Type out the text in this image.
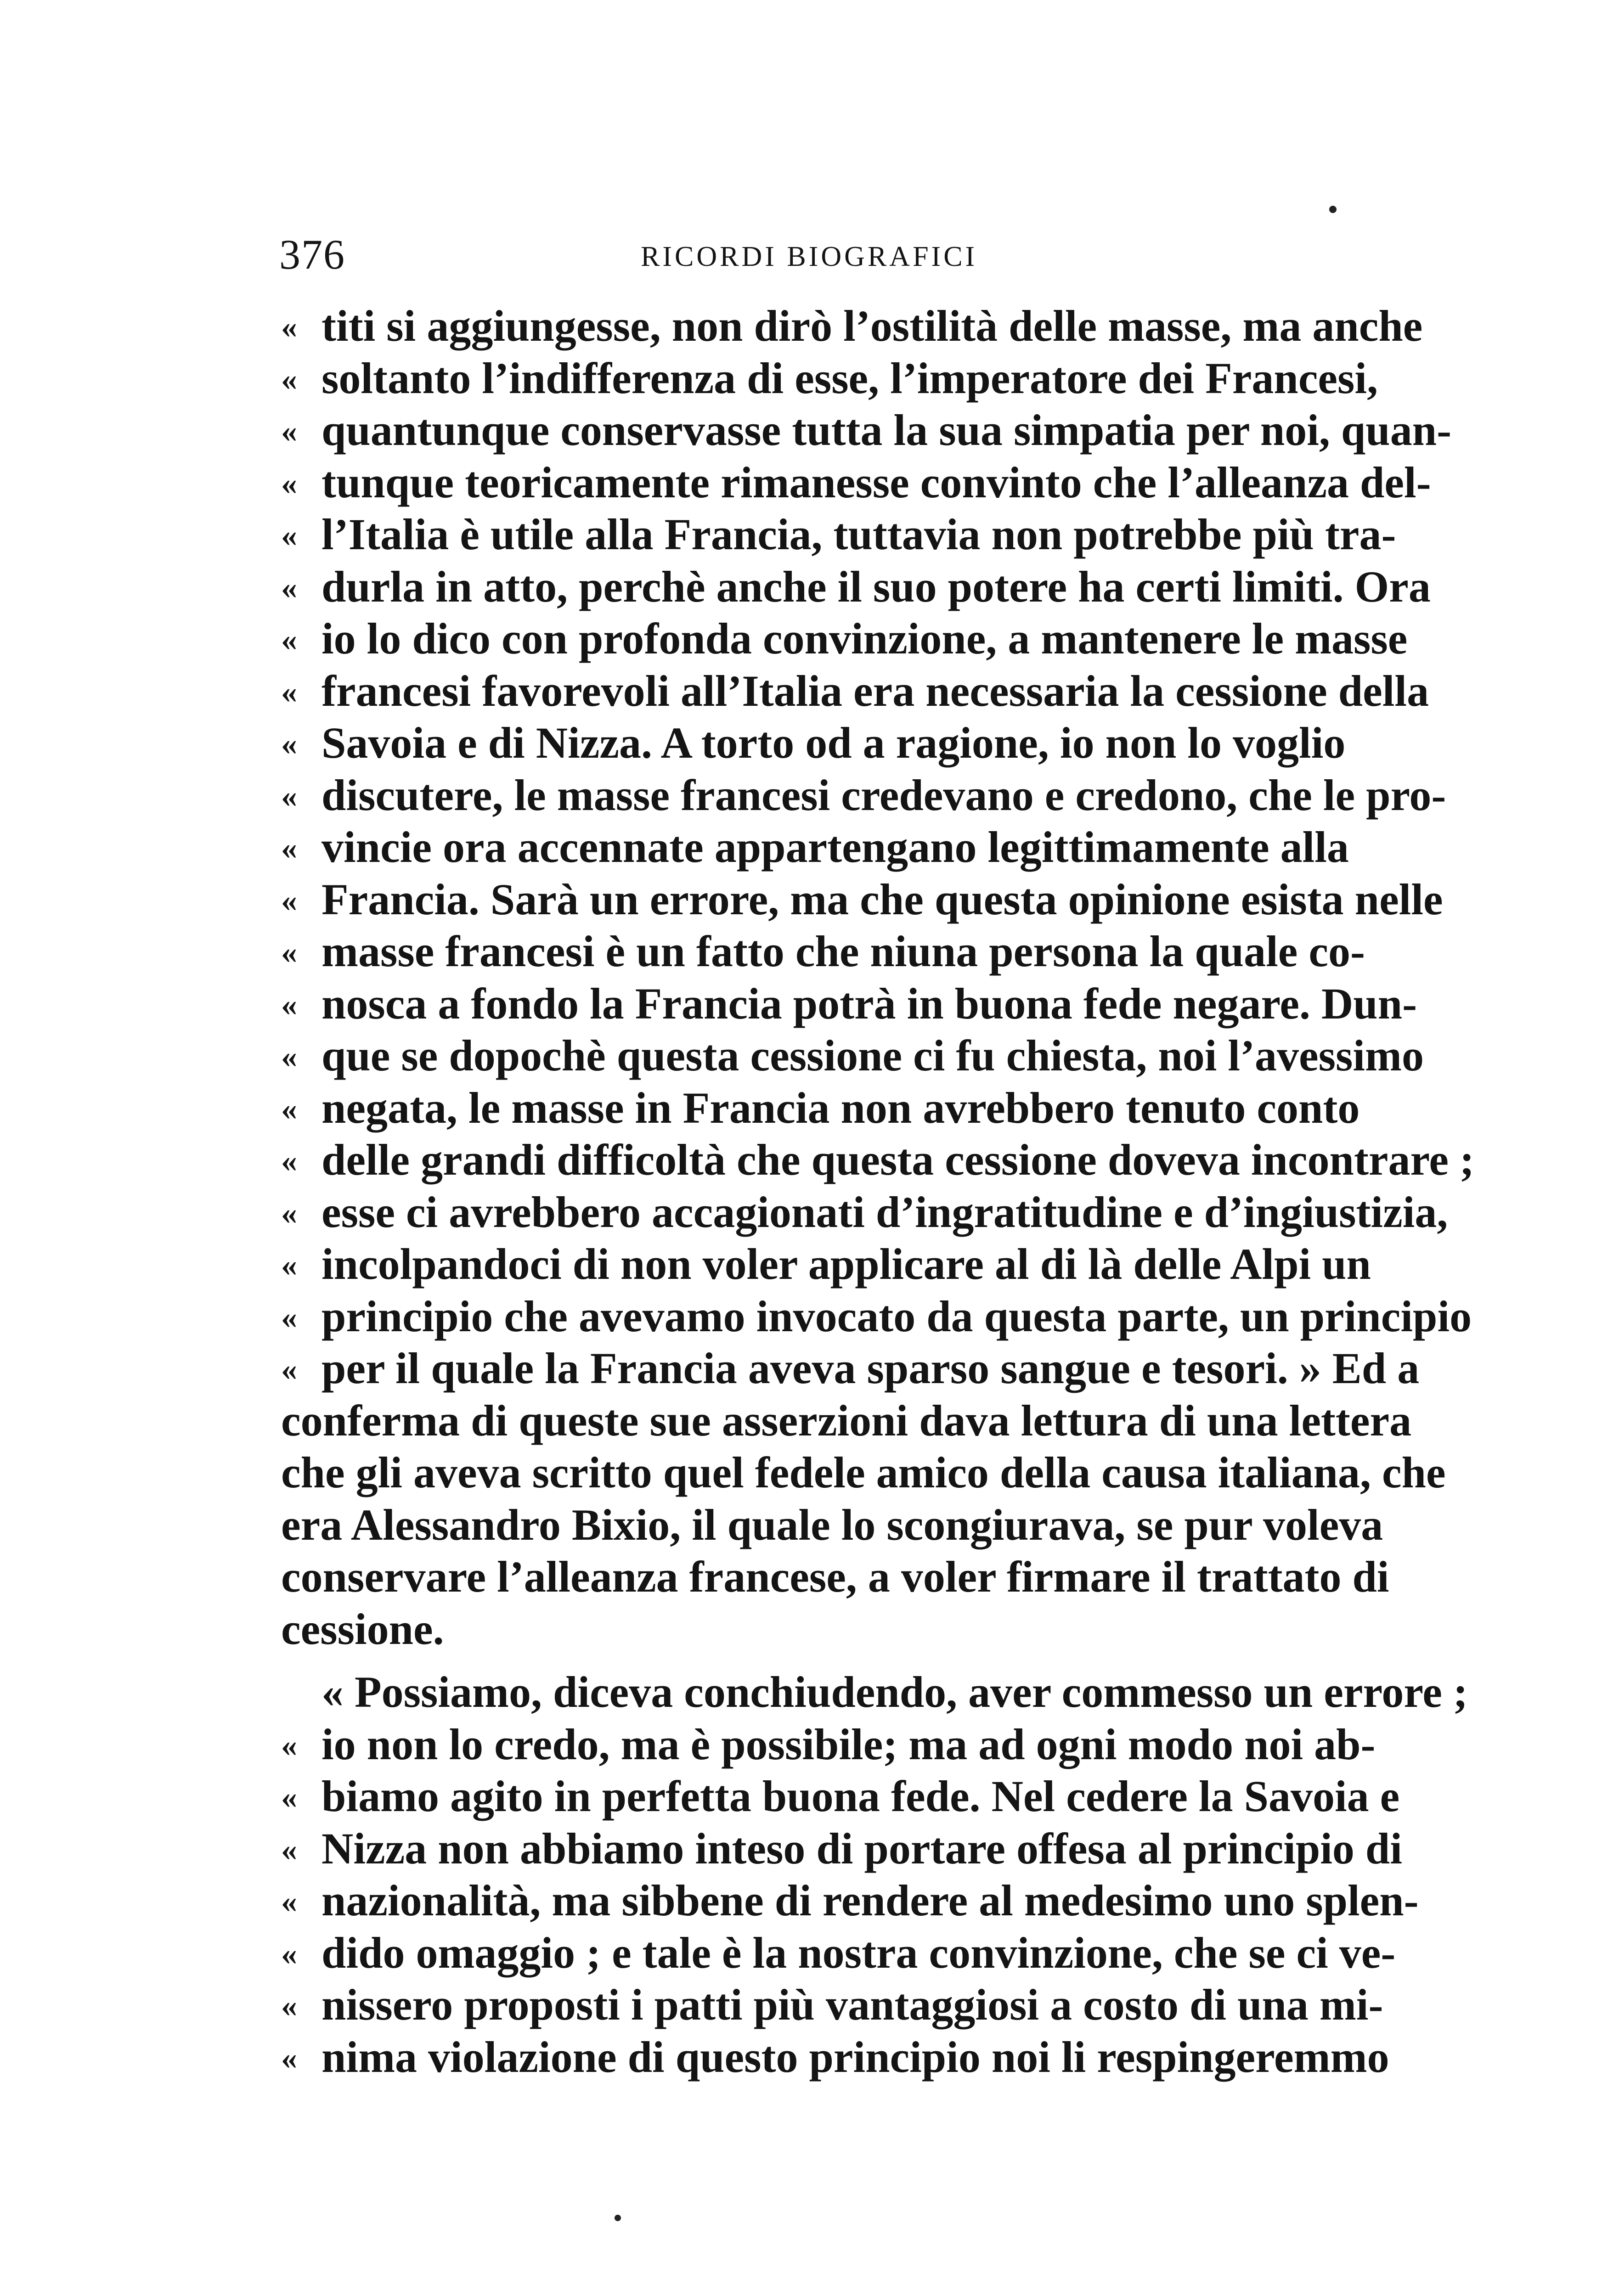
376	RICORDI BIOGRAFICI
titi si aggiungesse, non dirò l’ostilità delle masse, ma anche
«
soltanto l’indifferenza di esse, l’imperatore dei Francesi,
«
quantunque conservasse tutta la sua simpatia per noi, quan-
«
tunque teoricamente rimanesse convinto che l’alleanza del-
«
l’Italia è utile alla Francia, tuttavia non potrebbe più tra-
«
durla in atto, perchè anche il suo potere ha certi limiti. Ora
«
io lo dico con profonda convinzione, a mantenere le masse
«
francesi favorevoli all’Italia era necessaria la cessione della
«
Savoia e di Nizza. A torto od a ragione, io non lo voglio
«
discutere, le masse francesi credevano e credono, che le pro-
«
vincie ora accennate appartengano legittimamente alla
«
Francia. Sarà un errore, ma che questa opinione esista nelle
«
masse francesi è un fatto che niuna persona la quale co-
«
nosca a fondo la Francia potrà in buona fede negare. Dun-
«
que se dopochè questa cessione ci fu chiesta, noi l’avessimo
«
negata, le masse in Francia non avrebbero tenuto conto
«
delle grandi difficoltà che questa cessione doveva incontrare ;
«
esse ci avrebbero accagionati d’ingratitudine e d’ingiustizia,
«
incolpandoci di non voler applicare al di là delle Alpi un
«
principio che avevamo invocato da questa parte, un principio
«
per il quale la Francia aveva sparso sangue e tesori. » Ed a
«
conferma di queste sue asserzioni dava lettura di una lettera
che gli aveva scritto quel fedele amico della causa italiana, che
era Alessandro Bixio, il quale lo scongiurava, se pur voleva
conservare l’alleanza francese, a voler firmare il trattato di
cessione.
« Possiamo, diceva conchiudendo, aver commesso un errore ;
io non lo credo, ma è possibile; ma ad ogni modo noi ab-
«
biamo agito in perfetta buona fede. Nel cedere la Savoia e
«
Nizza non abbiamo inteso di portare offesa al principio di
«
nazionalità, ma sibbene di rendere al medesimo uno splen-
«
dido omaggio ; e tale è la nostra convinzione, che se ci ve-
«
nissero proposti i patti più vantaggiosi a costo di una mi-
«
nima violazione di questo principio noi li respingeremmo
«
